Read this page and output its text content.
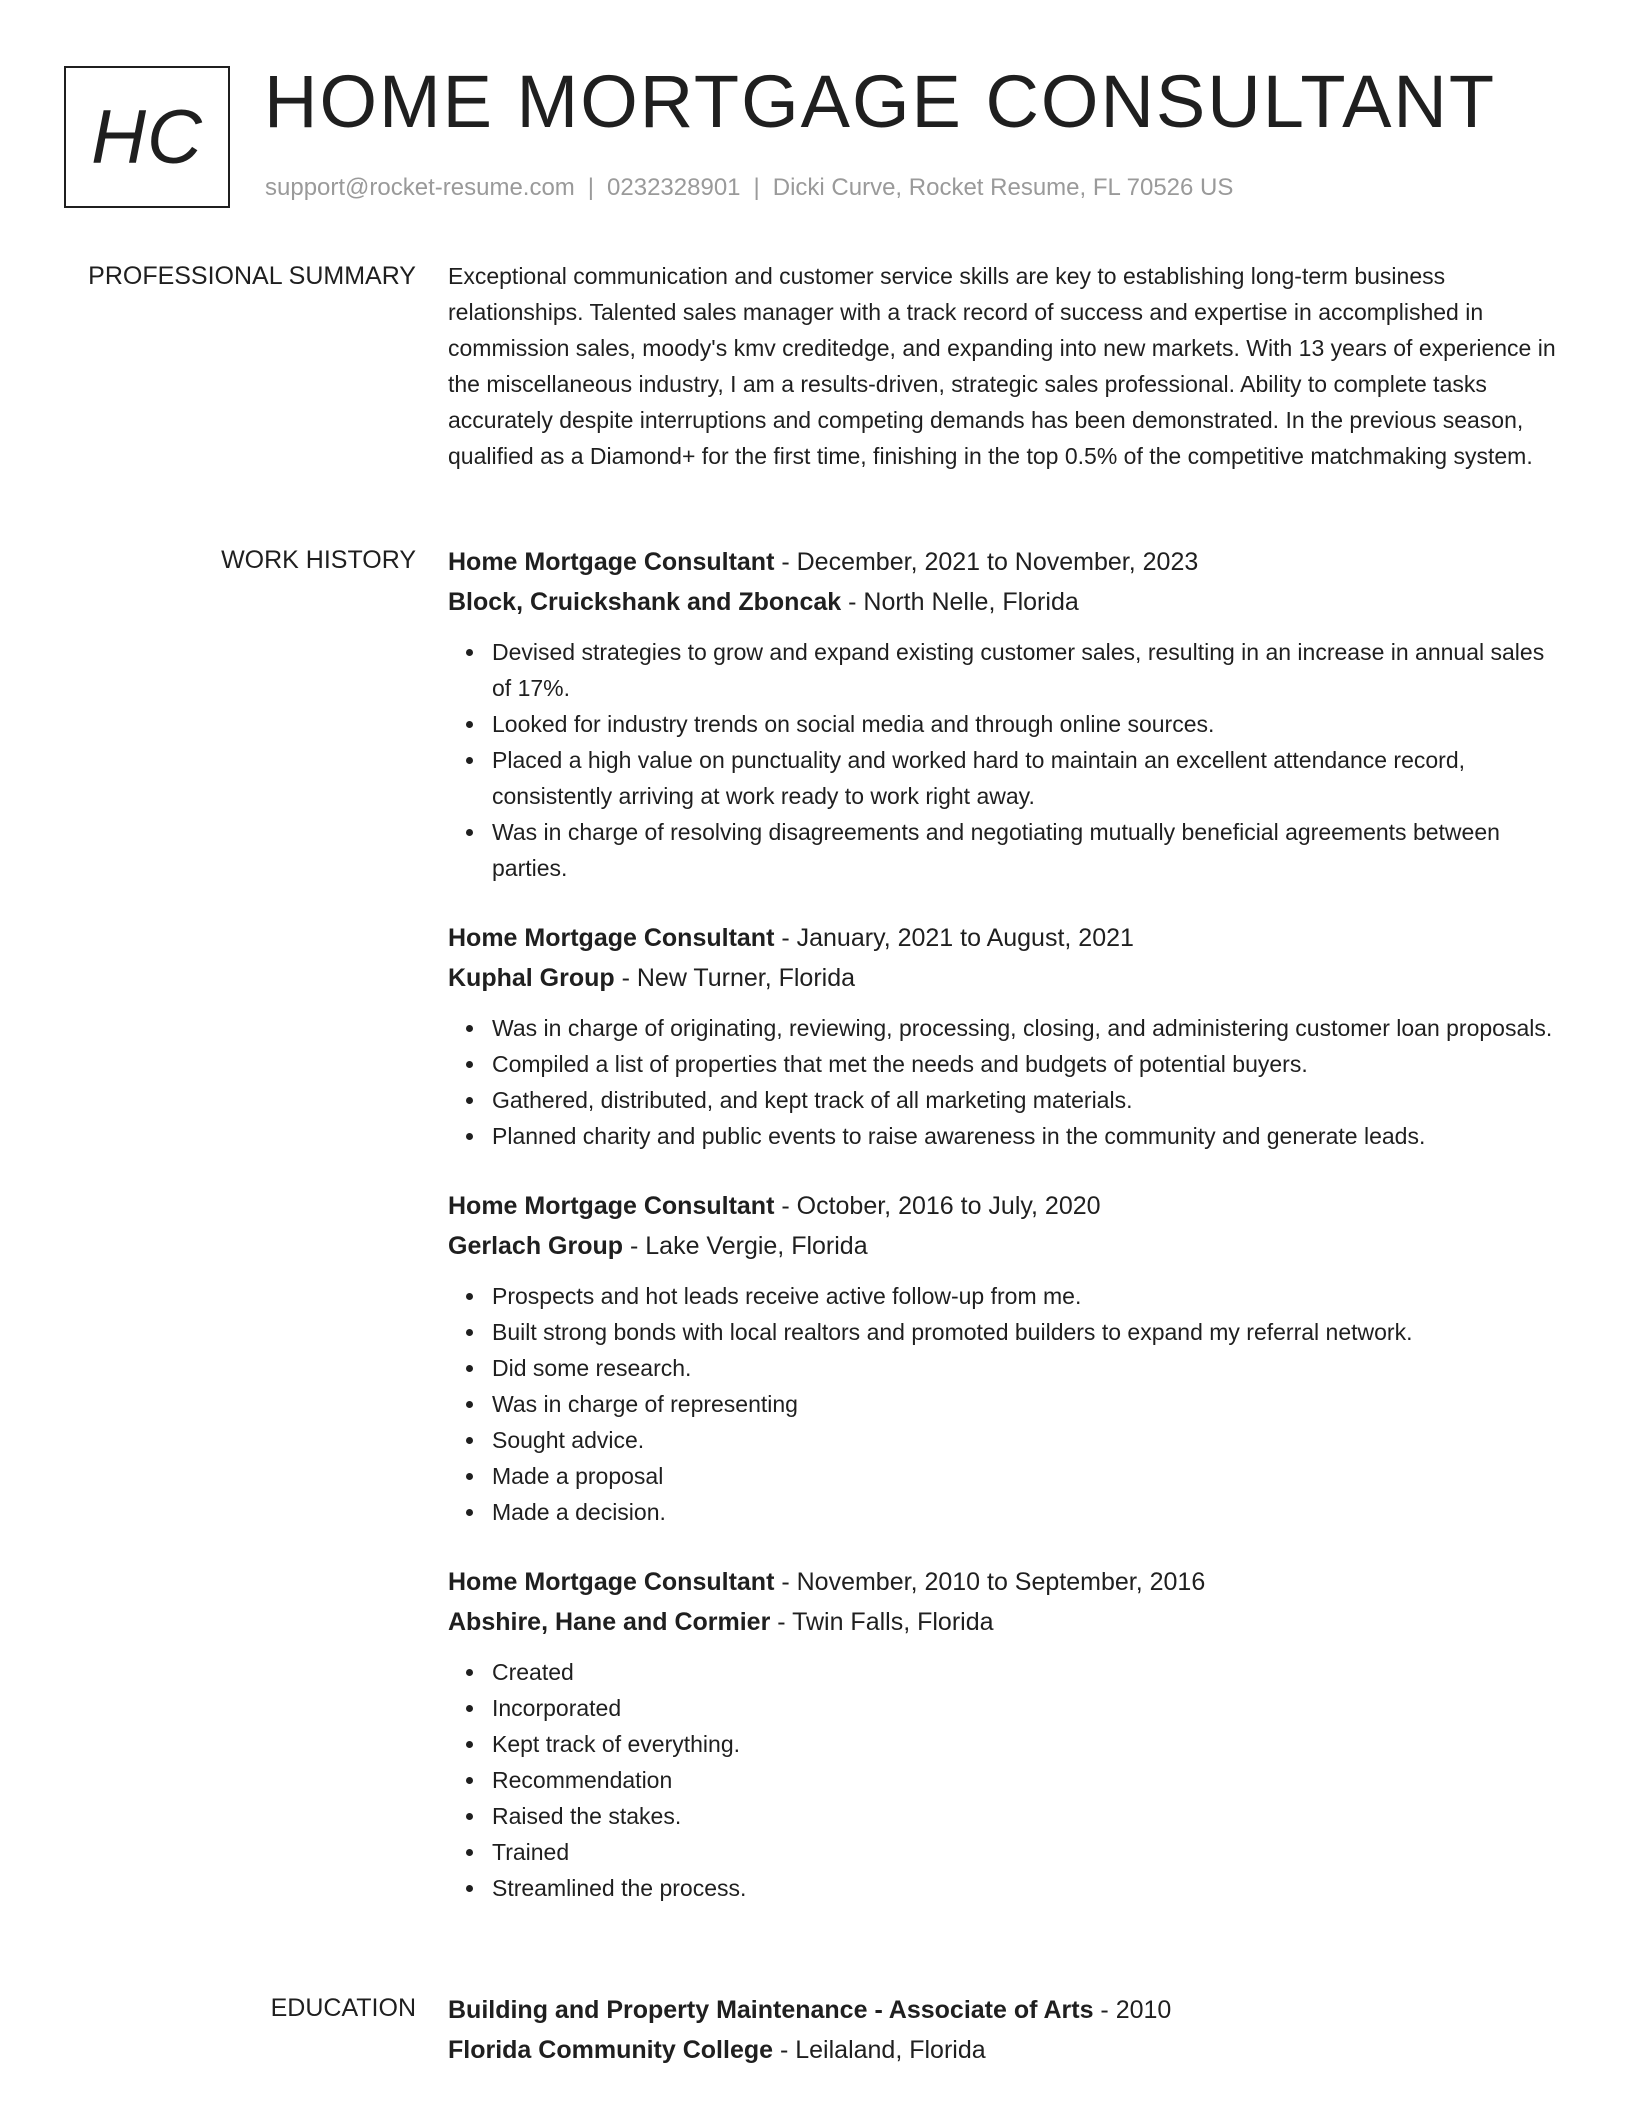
HC HOME MORTGAGE CONSULTANT
support@rocket-resume.com | 0232328901 | Dicki Curve, Rocket Resume, FL 70526 US
PROFESSIONAL SUMMARY Exceptional communication and customer service skills are key to establishing long-term business relationships. Talented sales manager with a track record of success and expertise in accomplished in commission sales, moody's kmv creditedge, and expanding into new markets. With 13 years of experience in the miscellaneous industry, I am a results-driven, strategic sales professional. Ability to complete tasks accurately despite interruptions and competing demands has been demonstrated. In the previous season, qualified as a Diamond+ for the first time, finishing in the top 0.5% of the competitive matchmaking system.

WORK HISTORY Home Mortgage Consultant - December, 2021 to November, 2023
Block, Cruickshank and Zboncak - North Nelle, Florida
Devised strategies to grow and expand existing customer sales, resulting in an increase in annual sales of 17%.
Looked for industry trends on social media and through online sources.
Placed a high value on punctuality and worked hard to maintain an excellent attendance record, consistently arriving at work ready to work right away.
Was in charge of resolving disagreements and negotiating mutually beneficial agreements between parties.
Home Mortgage Consultant - January, 2021 to August, 2021
Kuphal Group - New Turner, Florida
Was in charge of originating, reviewing, processing, closing, and administering customer loan proposals.
Compiled a list of properties that met the needs and budgets of potential buyers.
Gathered, distributed, and kept track of all marketing materials.
Planned charity and public events to raise awareness in the community and generate leads.
Home Mortgage Consultant - October, 2016 to July, 2020
Gerlach Group - Lake Vergie, Florida
Prospects and hot leads receive active follow-up from me.
Built strong bonds with local realtors and promoted builders to expand my referral network.
Did some research.
Was in charge of representing
Sought advice.
Made a proposal
Made a decision.
Home Mortgage Consultant - November, 2010 to September, 2016
Abshire, Hane and Cormier - Twin Falls, Florida
Created
Incorporated
Kept track of everything.
Recommendation
Raised the stakes.
Trained
Streamlined the process.
EDUCATION Building and Property Maintenance - Associate of Arts - 2010
Florida Community College - Leilaland, Florida
